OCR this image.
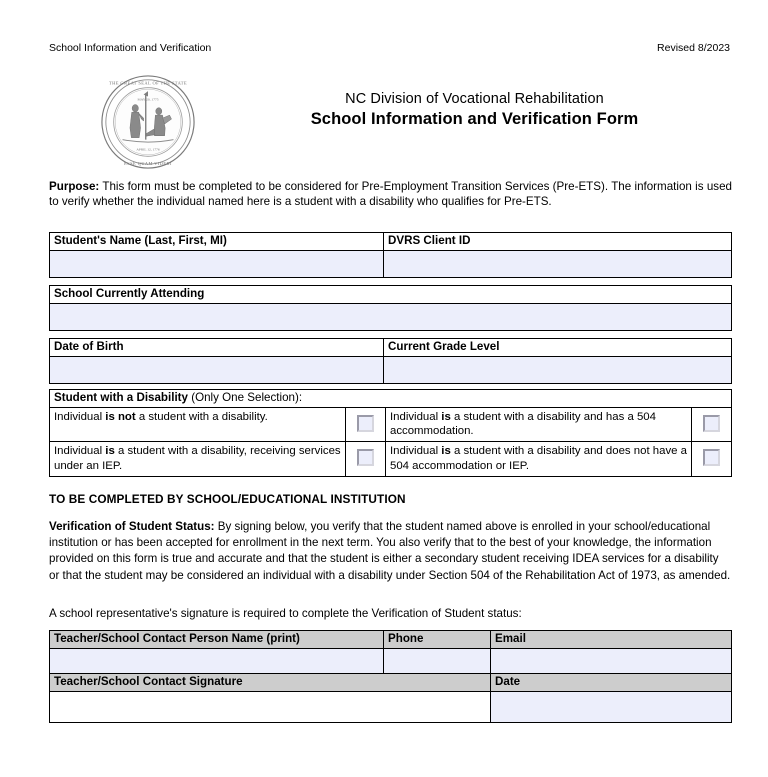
School Information and Verification	Revised 8/2023
THE GREAT SEAL OF THE STATE
ESSE QUAM VIDERI
MAY 20, 1775
APRIL 12, 1776
NC Division of Vocational Rehabilitation
School Information and Verification Form
Purpose: This form must be completed to be considered for Pre-Employment Transition Services (Pre-ETS). The information is used to verify whether the individual named here is a student with a disability who qualifies for Pre-ETS.
Student's Name (Last, First, MI)	DVRS Client ID

School Currently Attending

Date of Birth	Current Grade Level

Student with a Disability (Only One Selection):			
Individual is not a student with a disability.		Individual is a student with a disability and has a 504 accommodation.	
Individual is a student with a disability, receiving services under an IEP.		Individual is a student with a disability and does not have a 504 accommodation or IEP.	
TO BE COMPLETED BY SCHOOL/EDUCATIONAL INSTITUTION
Verification of Student Status: By signing below, you verify that the student named above is enrolled in your school/educational institution or has been accepted for enrollment in the next term. You also verify that to the best of your knowledge, the information provided on this form is true and accurate and that the student is either a secondary student receiving IDEA services for a disability or that the student may be considered an individual with a disability under Section 504 of the Rehabilitation Act of 1973, as amended.
A school representative's signature is required to complete the Verification of Student status:
Teacher/School Contact Person Name (print)	Phone	Email

Teacher/School Contact Signature		Date
